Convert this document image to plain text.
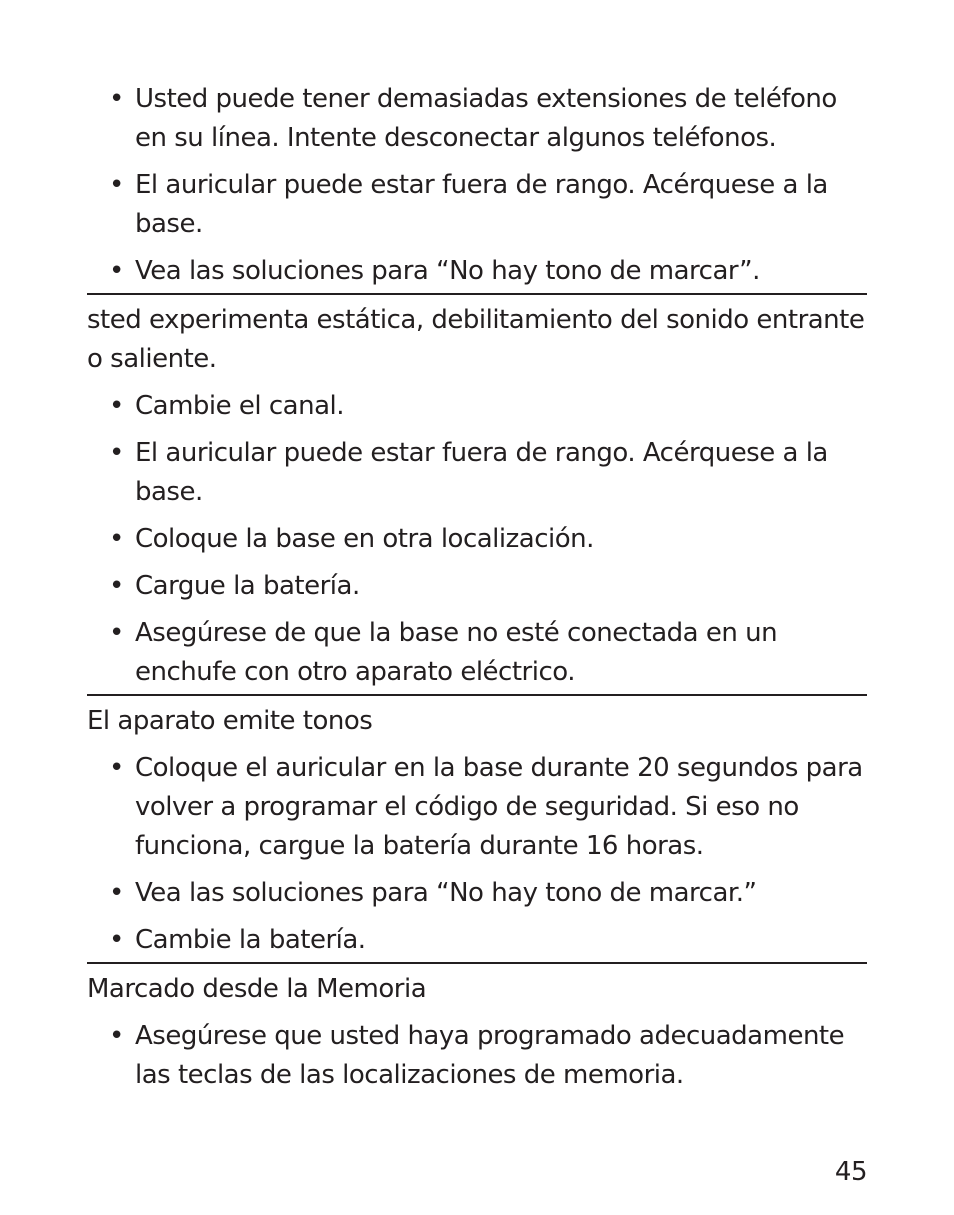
• Usted puede tener demasiadas extensiones de teléfono en su línea. Intente desconectar algunos teléfonos.
• El auricular puede estar fuera de rango. Acérquese a la base.
• Vea las soluciones para “No hay tono de marcar”.

sted experimenta estática, debilitamiento del sonido entrante o saliente.

• Cambie el canal.
• El auricular puede estar fuera de rango. Acérquese a la base.
• Coloque la base en otra localización.
• Cargue la batería.
• Asegúrese de que la base no esté conectada en un enchufe con otro aparato eléctrico.

El aparato emite tonos

• Coloque el auricular en la base durante 20 segundos para volver a programar el código de seguridad. Si eso no funciona, cargue la batería durante 16 horas.
• Vea las soluciones para “No hay tono de marcar.”
• Cambie la batería.

Marcado desde la Memoria

• Asegúrese que usted haya programado adecuadamente las teclas de las localizaciones de memoria.
45
